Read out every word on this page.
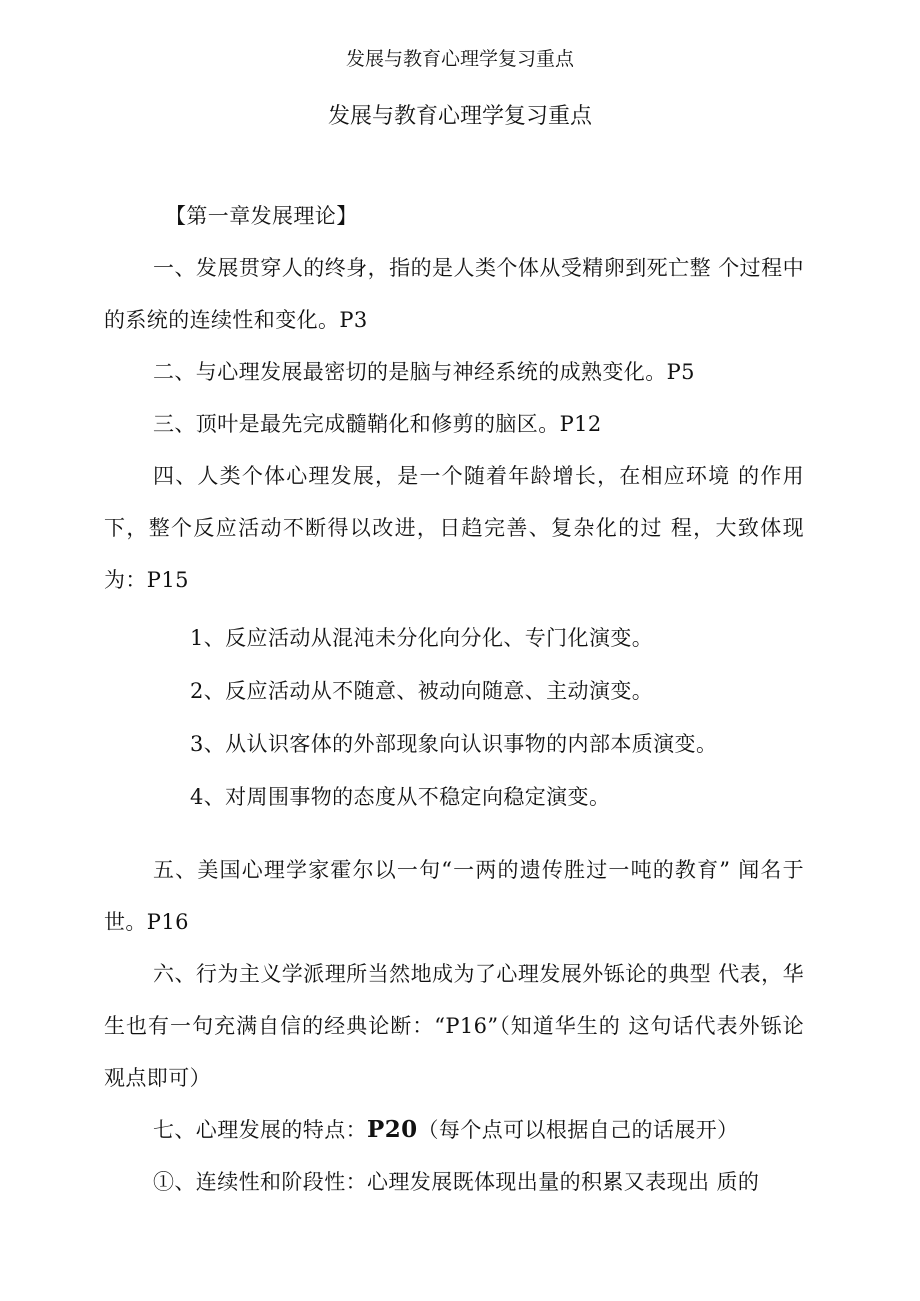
发展与教育心理学复习重点
发展与教育心理学复习重点

【第一章发展理论】

一、发展贯穿人的终身，指的是人类个体从受精卵到死亡整 个过程中的系统的连续性和变化。P3

二、与心理发展最密切的是脑与神经系统的成熟变化。P5

三、顶叶是最先完成髓鞘化和修剪的脑区。P12

四、人类个体心理发展，是一个随着年龄增长，在相应环境 的作用下，整个反应活动不断得以改进，日趋完善、复杂化的过 程，大致体现为：P15

1、反应活动从混沌未分化向分化、专门化演变。

2、反应活动从不随意、被动向随意、主动演变。

3、从认识客体的外部现象向认识事物的内部本质演变。

4、对周围事物的态度从不稳定向稳定演变。

五、美国心理学家霍尔以一句“一两的遗传胜过一吨的教育” 闻名于世。P16

六、行为主义学派理所当然地成为了心理发展外铄论的典型 代表，华生也有一句充满自信的经典论断：“P16”（知道华生的 这句话代表外铄论观点即可）

七、心理发展的特点：P20（每个点可以根据自己的话展开）

①、连续性和阶段性：心理发展既体现出量的积累又表现出 质的
